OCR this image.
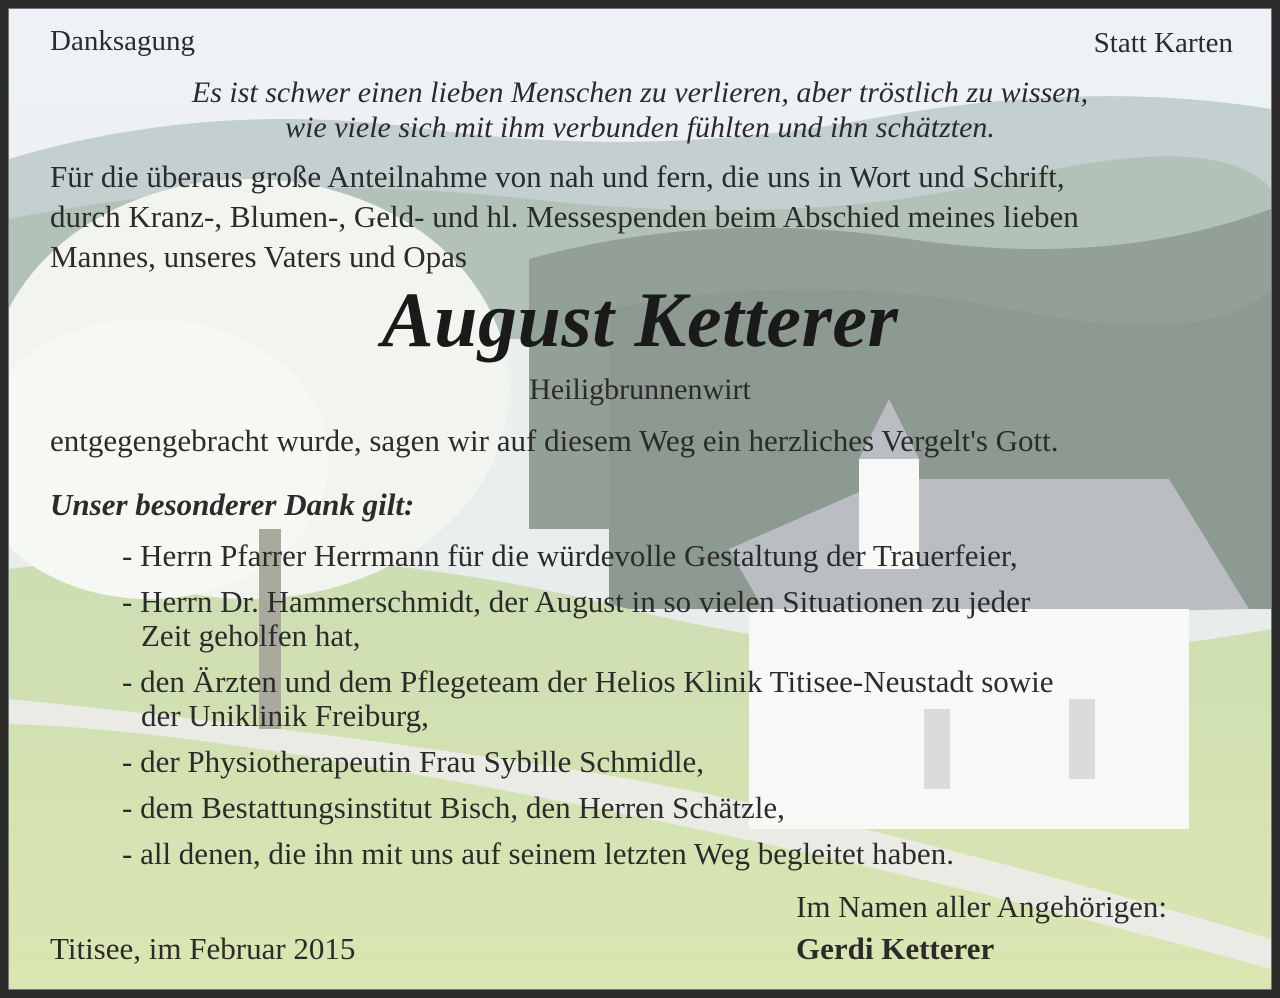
Danksagung	Statt Karten

Es ist schwer einen lieben Menschen zu verlieren, aber tröstlich zu wissen,
wie viele sich mit ihm verbunden fühlten und ihn schätzten.
Für die überaus große Anteilnahme von nah und fern, die uns in Wort und Schrift,
durch Kranz-, Blumen-, Geld- und hl. Messespenden beim Abschied meines lieben
Mannes, unseres Vaters und Opas
August Ketterer
Heiligbrunnenwirt
entgegengebracht wurde, sagen wir auf diesem Weg ein herzliches Vergelt's Gott.
Unser besonderer Dank gilt:
- Herrn Pfarrer Herrmann für die würdevolle Gestaltung der Trauerfeier,
- Herrn Dr. Hammerschmidt, der August in so vielen Situationen zu jeder
Zeit geholfen hat,
- den Ärzten und dem Pflegeteam der Helios Klinik Titisee-Neustadt sowie
der Uniklinik Freiburg,
- der Physiotherapeutin Frau Sybille Schmidle,
- dem Bestattungsinstitut Bisch, den Herren Schätzle,
- all denen, die ihn mit uns auf seinem letzten Weg begleitet haben.
Im Namen aller Angehörigen:
Titisee, im Februar 2015	Gerdi Ketterer
